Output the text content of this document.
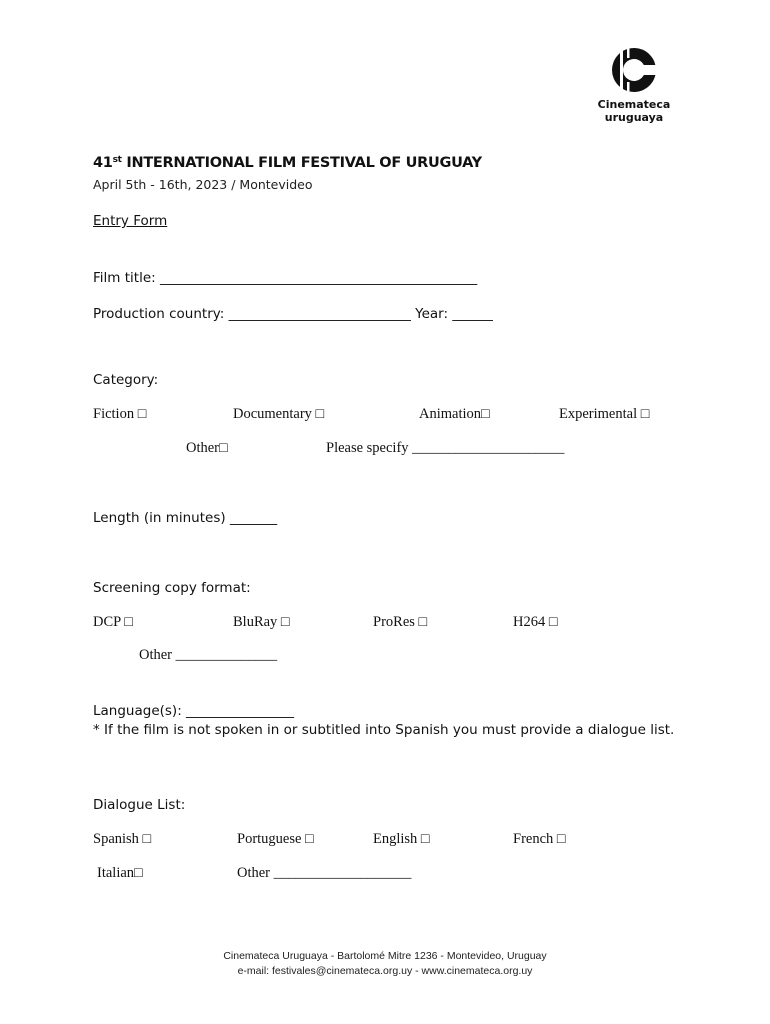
Cinemateca
uruguaya
41st INTERNATIONAL FILM FESTIVAL OF URUGUAY
April 5th - 16th, 2023 / Montevideo
Entry Form
Film title: _______________________________________________
Production country: ___________________________ Year: ______
Category:
Fiction □	Documentary □	Animation□	Experimental □
Other□	Please specify _____________________
Length (in minutes) _______
Screening copy format:
DCP □	BluRay □	ProRes □	H264 □
Other ______________
Language(s): ________________
* If the film is not spoken in or subtitled into Spanish you must provide a dialogue list.
Dialogue List:
Spanish □	Portuguese □	English □	French □
Italian□	Other ___________________
Cinemateca Uruguaya - Bartolomé Mitre 1236 - Montevideo, Uruguay
e-mail: festivales@cinemateca.org.uy - www.cinemateca.org.uy
